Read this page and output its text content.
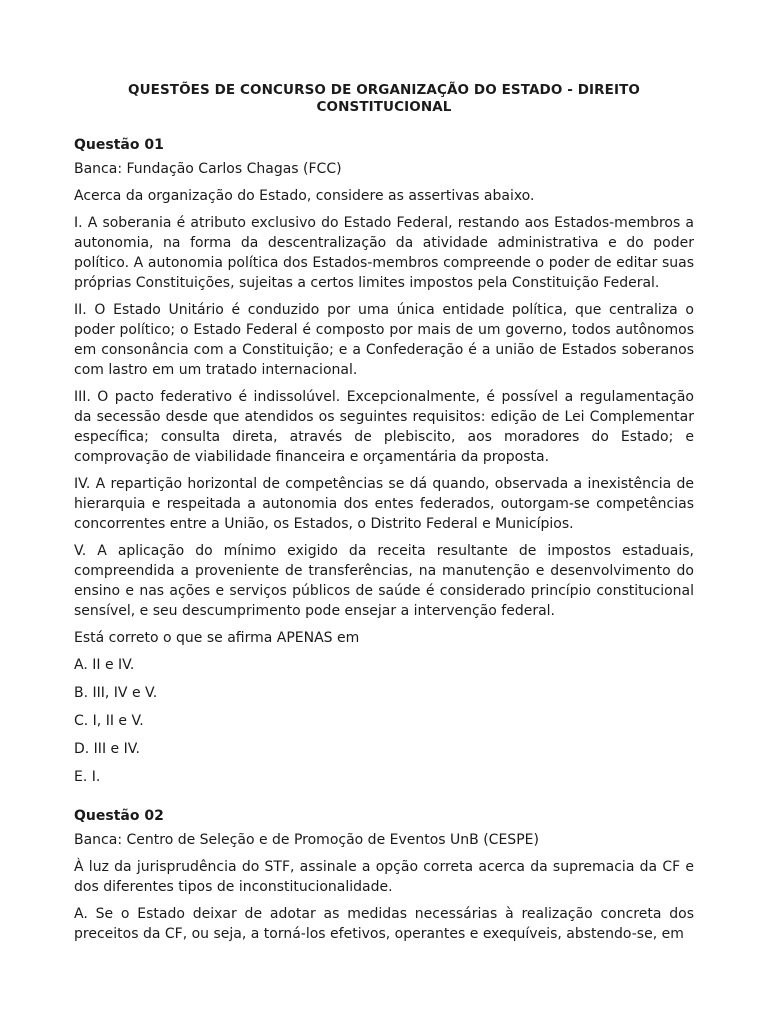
QUESTÕES DE CONCURSO DE ORGANIZAÇÃO DO ESTADO - DIREITO
CONSTITUCIONAL
Questão 01

Banca: Fundação Carlos Chagas (FCC)

Acerca da organização do Estado, considere as assertivas abaixo.

I. A soberania é atributo exclusivo do Estado Federal, restando aos Estados-membros a autonomia, na forma da descentralização da atividade administrativa e do poder político. A autonomia política dos Estados-membros compreende o poder de editar suas próprias Constituições, sujeitas a certos limites impostos pela Constituição Federal.

II. O Estado Unitário é conduzido por uma única entidade política, que centraliza o poder político; o Estado Federal é composto por mais de um governo, todos autônomos em consonância com a Constituição; e a Confederação é a união de Estados soberanos com lastro em um tratado internacional.

III. O pacto federativo é indissolúvel. Excepcionalmente, é possível a regulamentação da secessão desde que atendidos os seguintes requisitos: edição de Lei Complementar específica; consulta direta, através de plebiscito, aos moradores do Estado; e comprovação de viabilidade financeira e orçamentária da proposta.

IV. A repartição horizontal de competências se dá quando, observada a inexistência de hierarquia e respeitada a autonomia dos entes federados, outorgam-se competências concorrentes entre a União, os Estados, o Distrito Federal e Municípios.

V. A aplicação do mínimo exigido da receita resultante de impostos estaduais, compreendida a proveniente de transferências, na manutenção e desenvolvimento do ensino e nas ações e serviços públicos de saúde é considerado princípio constitucional sensível, e seu descumprimento pode ensejar a intervenção federal.

Está correto o que se afirma APENAS em

A. II e IV.

B. III, IV e V.

C. I, II e V.

D. III e IV.

E. I.

Questão 02

Banca: Centro de Seleção e de Promoção de Eventos UnB (CESPE)

À luz da jurisprudência do STF, assinale a opção correta acerca da supremacia da CF e dos diferentes tipos de inconstitucionalidade.

A. Se o Estado deixar de adotar as medidas necessárias à realização concreta dos preceitos da CF, ou seja, a torná-los efetivos, operantes e exequíveis, abstendo-se, em
